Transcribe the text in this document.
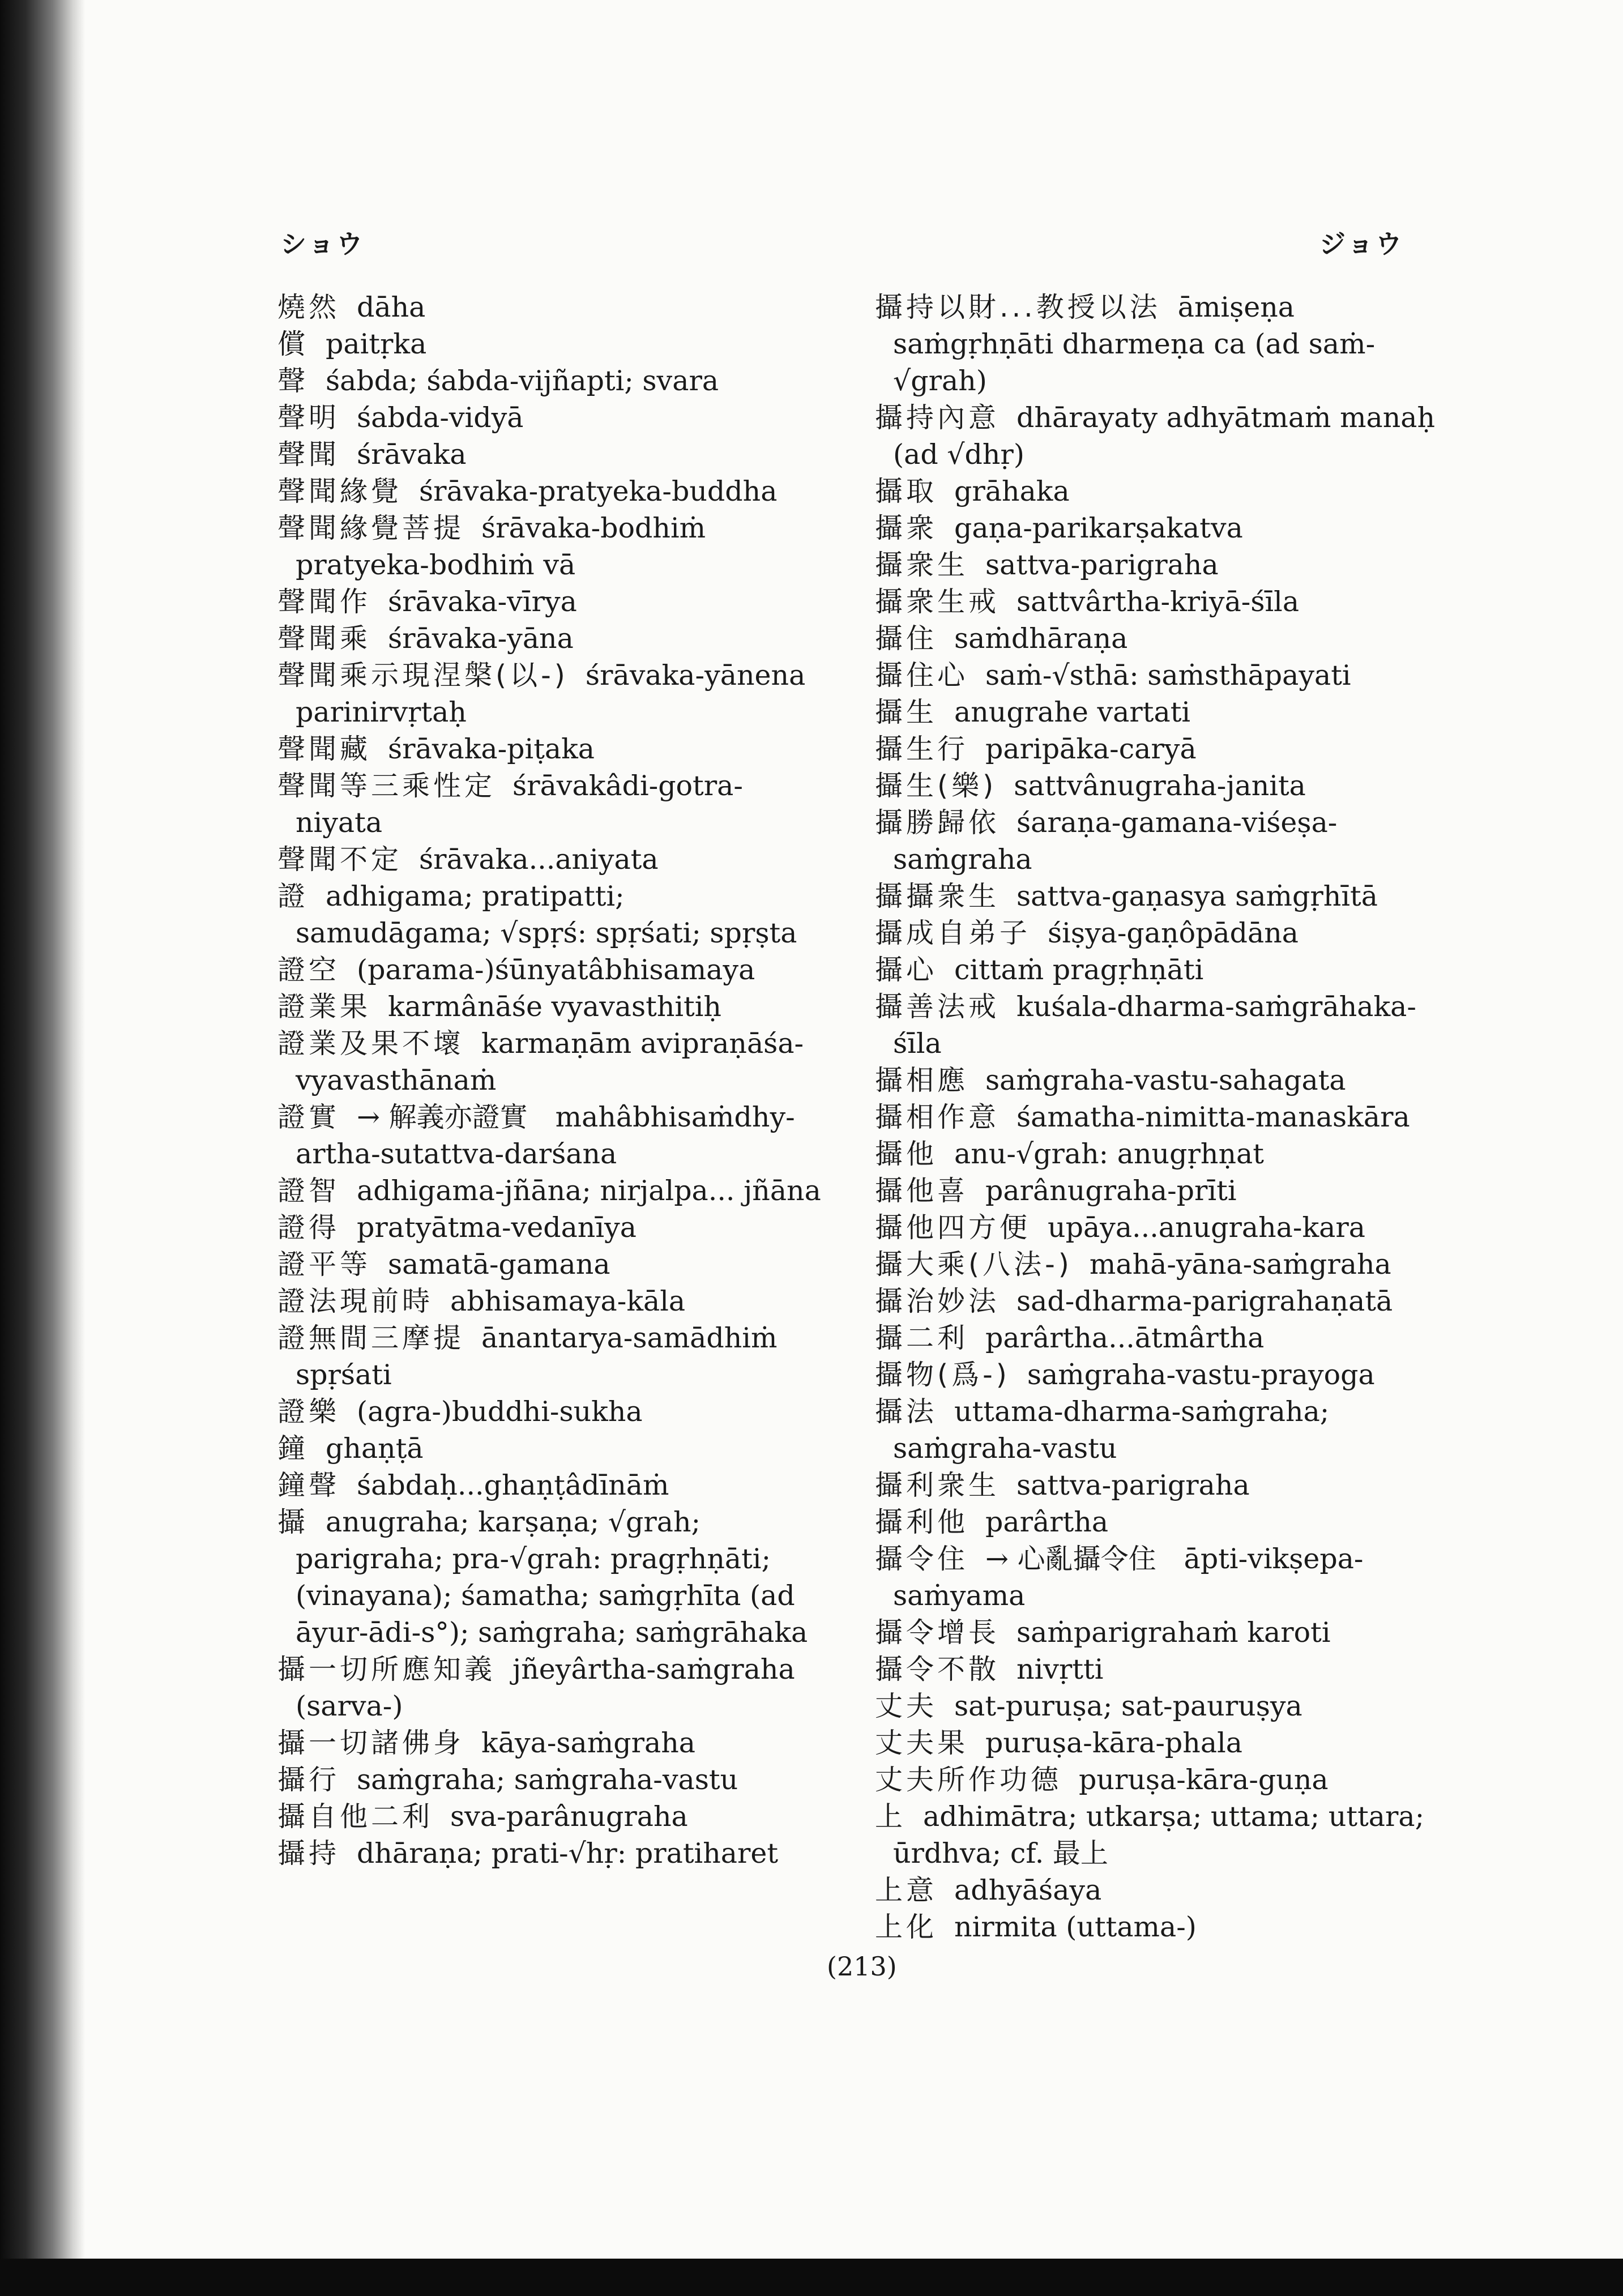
ショウ	ジョウ
燒然 dāha
償 paitṛka
聲 śabda; śabda-vijñapti; svara
聲明 śabda-vidyā
聲聞 śrāvaka
聲聞緣覺 śrāvaka-pratyeka-buddha
聲聞緣覺菩提 śrāvaka-bodhiṁ pratyeka-bodhiṁ vā
聲聞作 śrāvaka-vīrya
聲聞乘 śrāvaka-yāna
聲聞乘示現涅槃(以-) śrāvaka-yānena parinirvṛtaḥ
聲聞藏 śrāvaka-piṭaka
聲聞等三乘性定 śrāvakâdi-gotra-niyata
聲聞不定 śrāvaka...aniyata
證 adhigama; pratipatti; samudāgama; √spṛś: spṛśati; spṛṣta
證空 (parama-)śūnyatâbhisamaya
證業果 karmânāśe vyavasthitiḥ
證業及果不壞 karmaṇām avipraṇāśa-vyavasthānaṁ
證實 → 解義亦證實　mahâbhisaṁdhy-artha-sutattva-darśana
證智 adhigama-jñāna; nirjalpa... jñāna
證得 pratyātma-vedanīya
證平等 samatā-gamana
證法現前時 abhisamaya-kāla
證無間三摩提 ānantarya-samādhiṁ spṛśati
證樂 (agra-)buddhi-sukha
鐘 ghaṇṭā
鐘聲 śabdaḥ...ghaṇṭâdīnāṁ
攝 anugraha; karṣaṇa; √grah; parigraha; pra-√grah: pragṛhṇāti; (vinayana); śamatha; saṁgṛhīta (ad āyur-ādi-s°); saṁgraha; saṁgrāhaka
攝一切所應知義 jñeyârtha-saṁgraha (sarva-)
攝一切諸佛身 kāya-saṁgraha
攝行 saṁgraha; saṁgraha-vastu
攝自他二利 sva-parânugraha
攝持 dhāraṇa; prati-√hṛ: pratiharet
攝持以財...教授以法 āmiṣeṇa saṁgṛhṇāti dharmeṇa ca (ad saṁ-√grah)
攝持內意 dhārayaty adhyātmaṁ manaḥ (ad √dhṛ)
攝取 grāhaka
攝衆 gaṇa-parikarṣakatva
攝衆生 sattva-parigraha
攝衆生戒 sattvârtha-kriyā-śīla
攝住 saṁdhāraṇa
攝住心 saṁ-√sthā: saṁsthāpayati
攝生 anugrahe vartati
攝生行 paripāka-caryā
攝生(樂) sattvânugraha-janita
攝勝歸依 śaraṇa-gamana-viśeṣa-saṁgraha
攝攝衆生 sattva-gaṇasya saṁgṛhītā
攝成自弟子 śiṣya-gaṇôpādāna
攝心 cittaṁ pragṛhṇāti
攝善法戒 kuśala-dharma-saṁgrāhaka-śīla
攝相應 saṁgraha-vastu-sahagata
攝相作意 śamatha-nimitta-manaskāra
攝他 anu-√grah: anugṛhṇat
攝他喜 parânugraha-prīti
攝他四方便 upāya...anugraha-kara
攝大乘(八法-) mahā-yāna-saṁgraha
攝治妙法 sad-dharma-parigrahaṇatā
攝二利 parârtha...ātmârtha
攝物(爲-) saṁgraha-vastu-prayoga
攝法 uttama-dharma-saṁgraha; saṁgraha-vastu
攝利衆生 sattva-parigraha
攝利他 parârtha
攝令住 → 心亂攝令住　āpti-vikṣepa-saṁyama
攝令增長 saṁparigrahaṁ karoti
攝令不散 nivṛtti
丈夫 sat-puruṣa; sat-pauruṣya
丈夫果 puruṣa-kāra-phala
丈夫所作功德 puruṣa-kāra-guṇa
上 adhimātra; utkarṣa; uttama; uttara; ūrdhva; cf. 最上
上意 adhyāśaya
上化 nirmita (uttama-)
(213)
